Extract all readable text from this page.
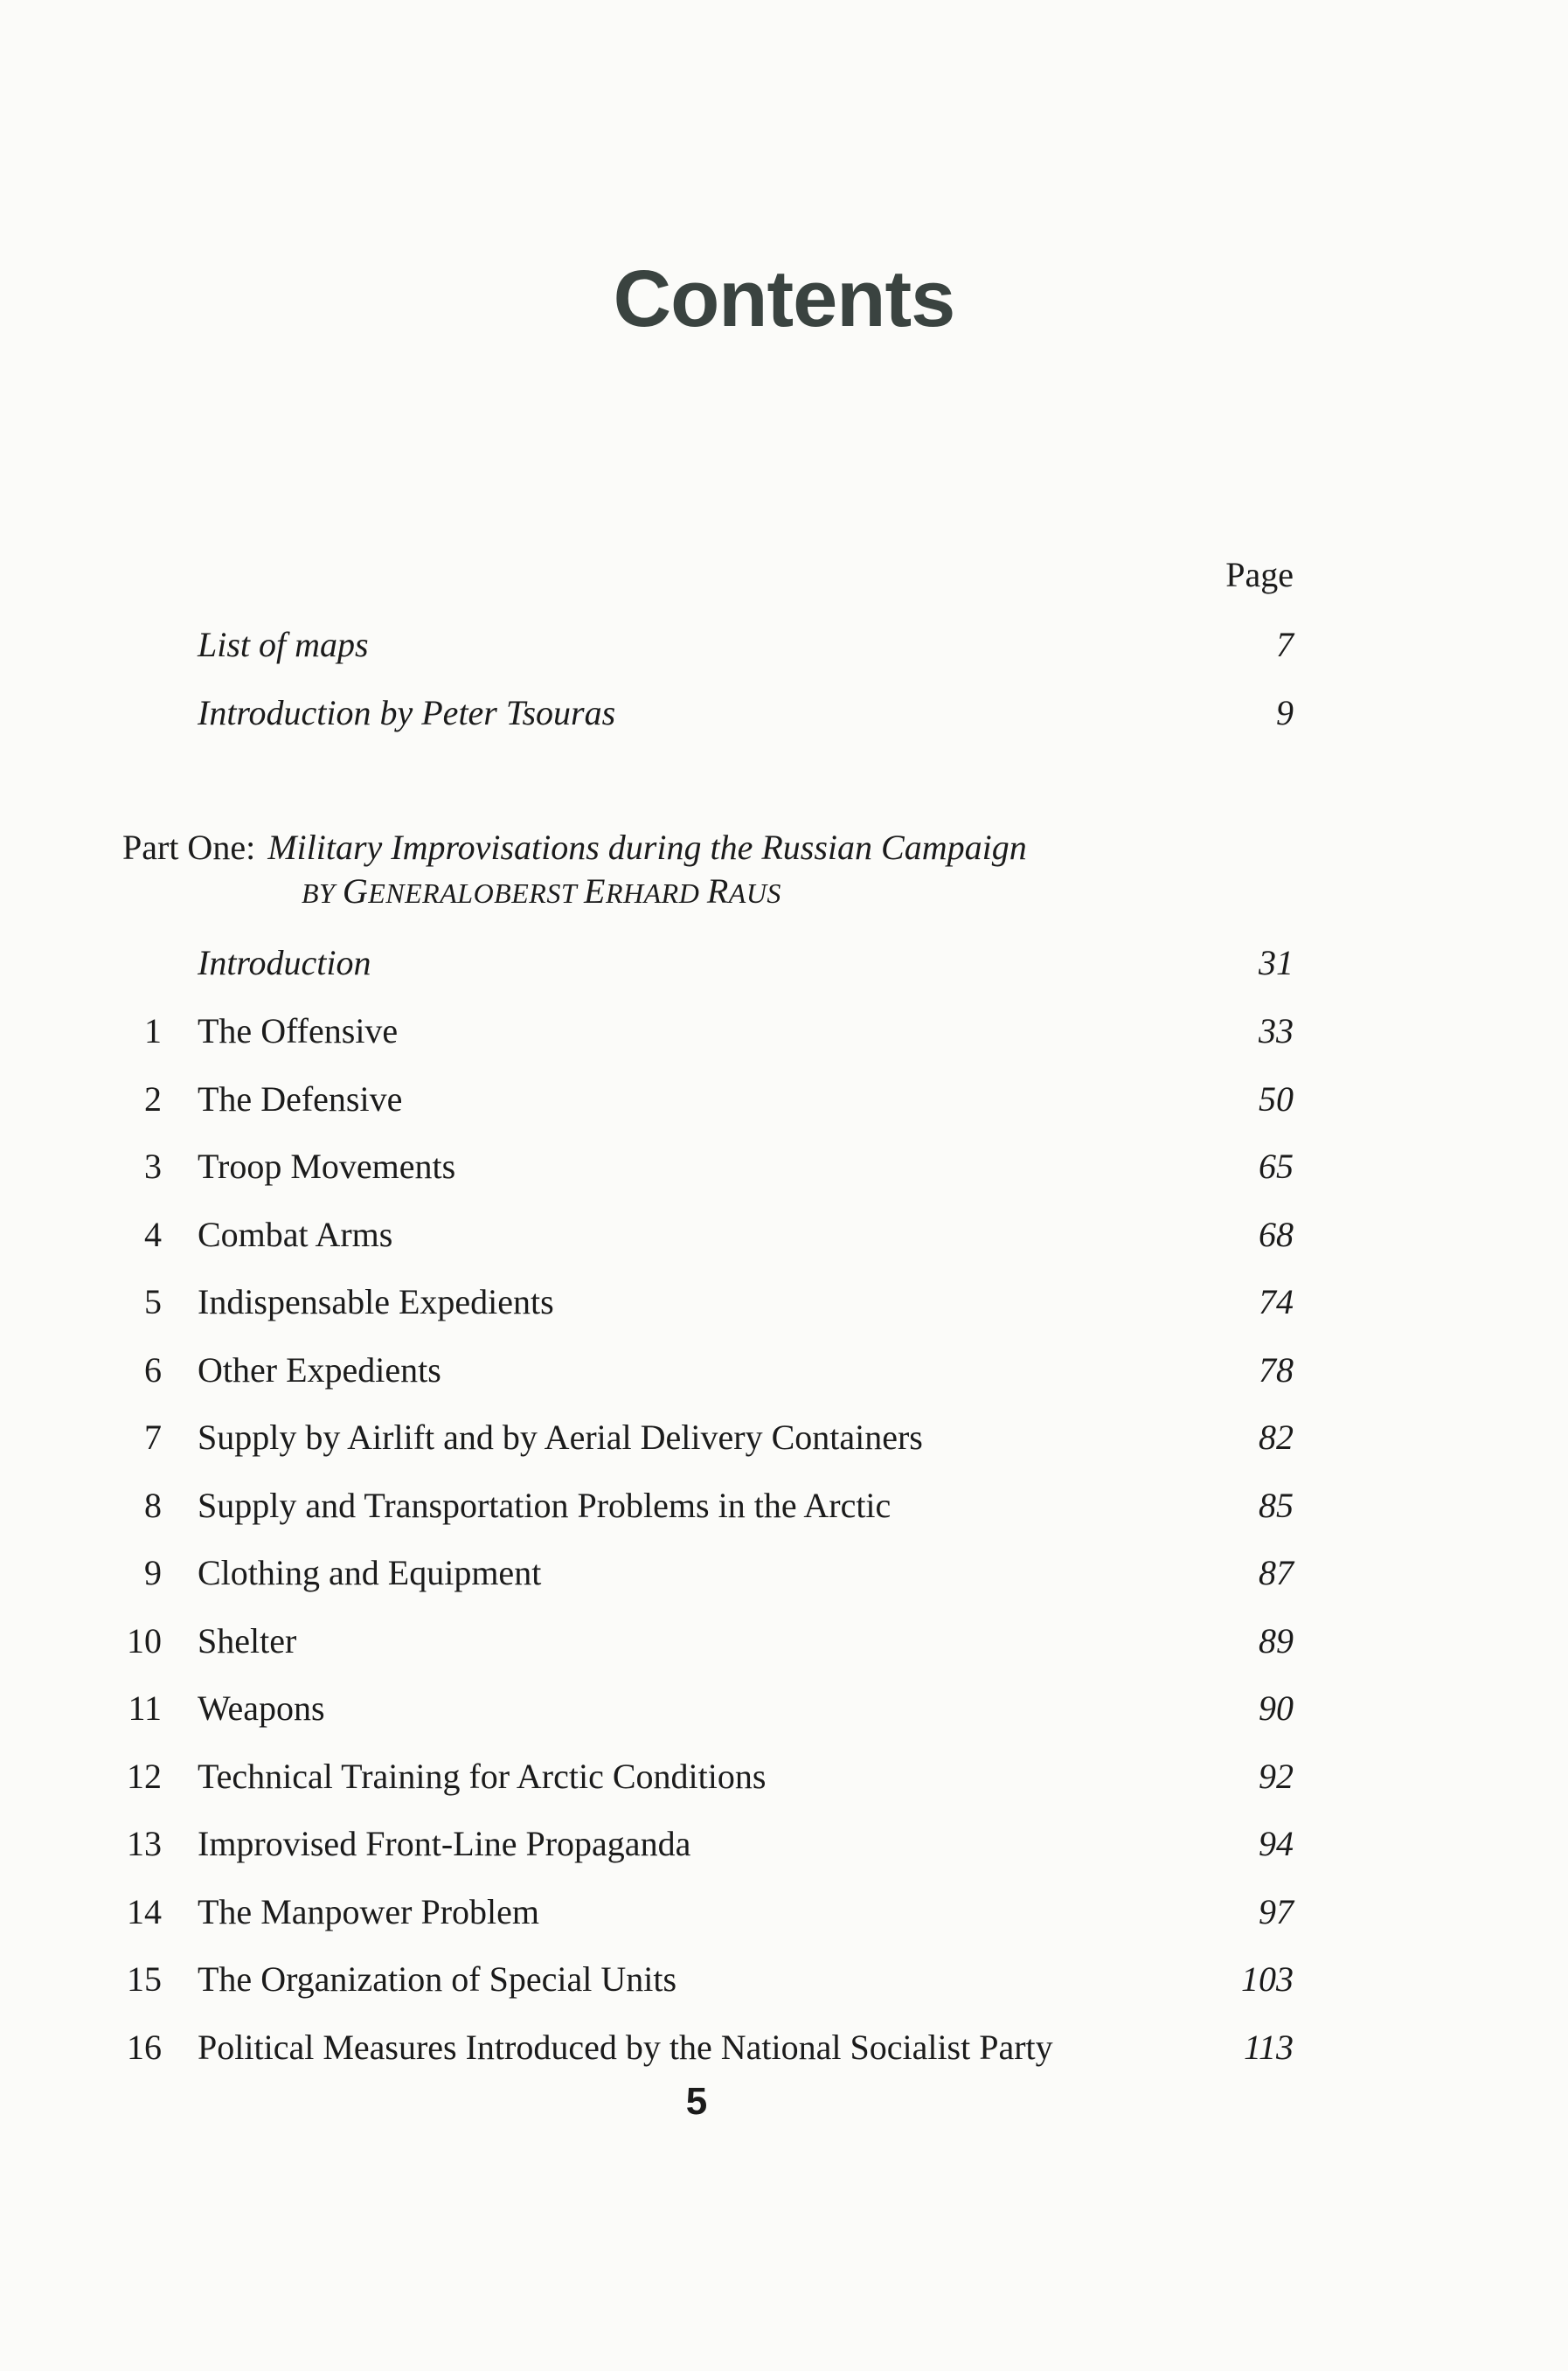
Contents
Page
List of maps	7
Introduction by Peter Tsouras	9
Part One: Military Improvisations during the Russian Campaign
BY GENERALOBERST ERHARD RAUS
Introduction	31
1 The Offensive	33
2 The Defensive	50
3 Troop Movements	65
4 Combat Arms	68
5 Indispensable Expedients	74
6 Other Expedients	78
7 Supply by Airlift and by Aerial Delivery Containers	82
8 Supply and Transportation Problems in the Arctic	85
9 Clothing and Equipment	87
10 Shelter	89
11 Weapons	90
12 Technical Training for Arctic Conditions	92
13 Improvised Front-Line Propaganda	94
14 The Manpower Problem	97
15 The Organization of Special Units	103
16 Political Measures Introduced by the National Socialist Party	113
5
